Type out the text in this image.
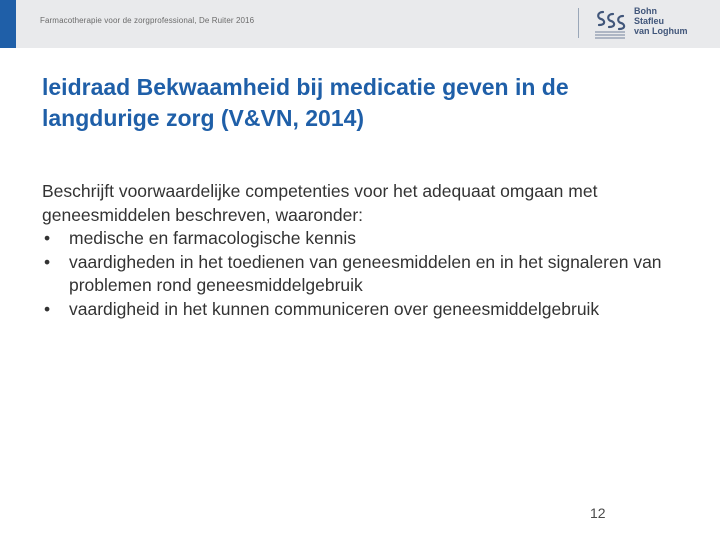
Farmacotherapie voor de zorgprofessional, De Ruiter 2016
Bohn
Stafleu
van Loghum
leidraad Bekwaamheid bij medicatie geven in de langdurige zorg (V&VN, 2014)

Beschrijft voorwaardelijke competenties voor het adequaat omgaan met geneesmiddelen beschreven, waaronder:

• medische en farmacologische kennis
• vaardigheden in het toedienen van geneesmiddelen en in het signaleren van problemen rond geneesmiddelgebruik
• vaardigheid in het kunnen communiceren over geneesmiddelgebruik
12
